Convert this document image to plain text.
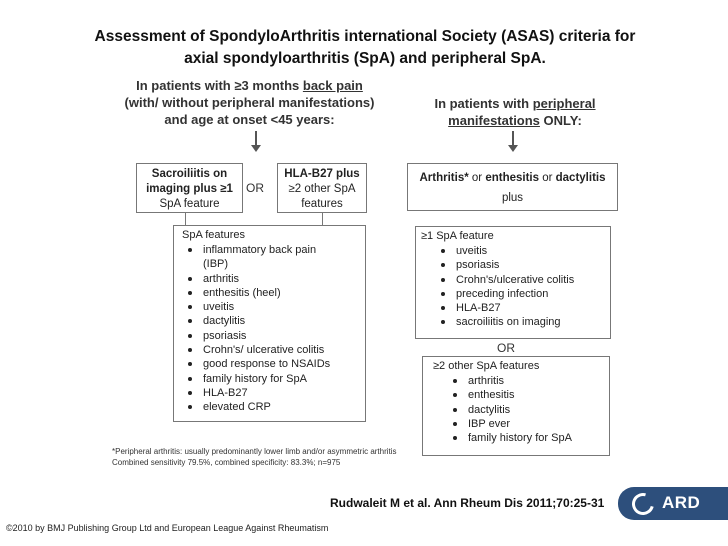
Assessment of SpondyloArthritis international Society (ASAS) criteria for
axial spondyloarthritis (SpA) and peripheral SpA.
In patients with ≥3 months back pain
(with/ without peripheral manifestations)
and age at onset <45 years:
Sacroiliitis on
imaging plus ≥1
SpA feature
OR
HLA-B27 plus
≥2 other SpA
features
SpA features
inflammatory back pain
(IBP)
arthritis
enthesitis (heel)
uveitis
dactylitis
psoriasis
Crohn's/ ulcerative colitis
good response to NSAIDs
family history for SpA
HLA-B27
elevated CRP
In patients with peripheral
manifestations ONLY:
Arthritis* or enthesitis or dactylitis
plus
≥1 SpA feature
uveitis
psoriasis
Crohn's/ulcerative colitis
preceding infection
HLA-B27
sacroiliitis on imaging
OR
≥2 other SpA features
arthritis
enthesitis
dactylitis
IBP ever
family history for SpA
*Peripheral arthritis: usually predominantly lower limb and/or asymmetric arthritis
Combined sensitivity 79.5%, combined specificity: 83.3%; n=975
Rudwaleit M et al. Ann Rheum Dis 2011;70:25-31	ARD
©2010 by BMJ Publishing Group Ltd and European League Against Rheumatism
